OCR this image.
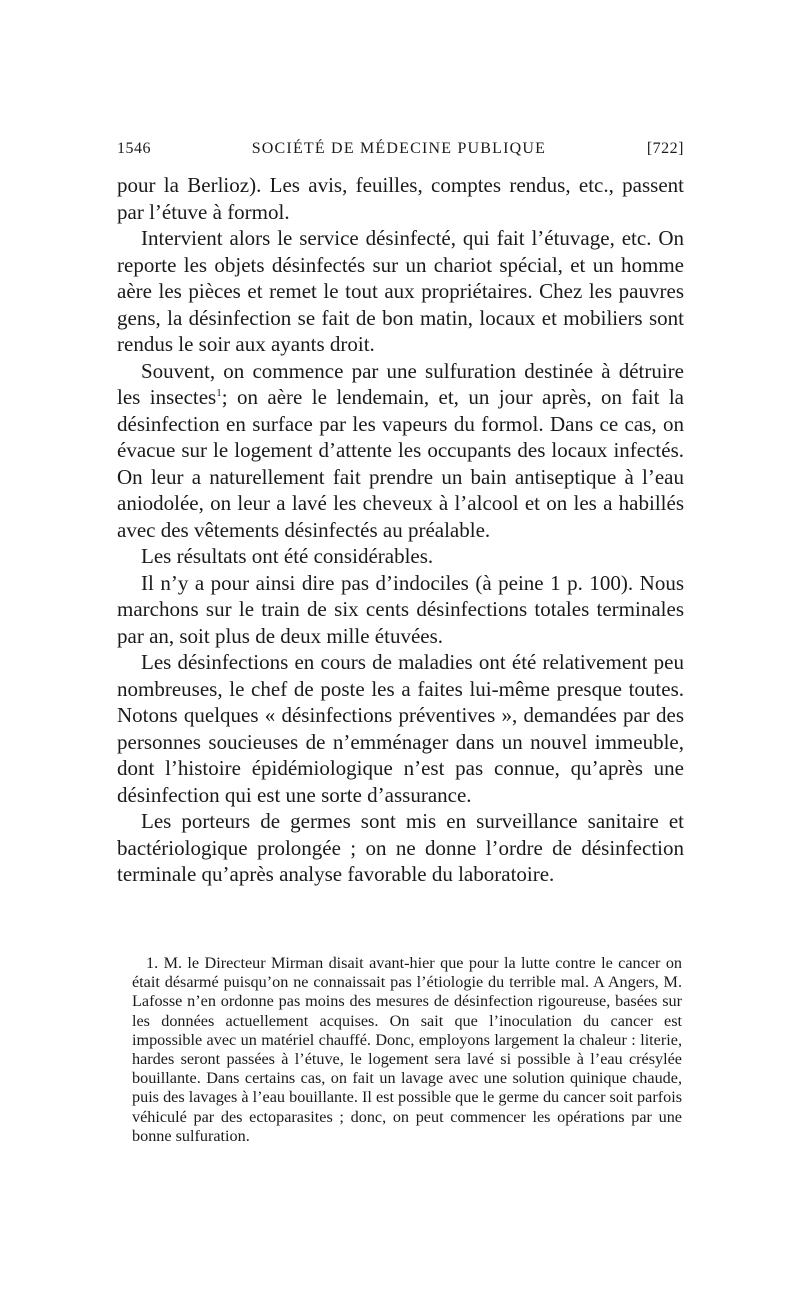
1546	SOCIÉTÉ DE MÉDECINE PUBLIQUE	[722]

pour la Berlioz). Les avis, feuilles, comptes rendus, etc., passent par l’étuve à formol.

Intervient alors le service désinfecté, qui fait l’étuvage, etc. On reporte les objets désinfectés sur un chariot spécial, et un homme aère les pièces et remet le tout aux propriétaires. Chez les pauvres gens, la désinfection se fait de bon matin, locaux et mobiliers sont rendus le soir aux ayants droit.

Souvent, on commence par une sulfuration destinée à détruire les insectes$^1$; on aère le lendemain, et, un jour après, on fait la désinfection en surface par les vapeurs du formol. Dans ce cas, on évacue sur le logement d’attente les occupants des locaux infectés. On leur a naturellement fait prendre un bain antiseptique à l’eau aniodolée, on leur a lavé les cheveux à l’alcool et on les a habillés avec des vêtements désinfectés au préalable.

Les résultats ont été considérables.

Il n’y a pour ainsi dire pas d’indociles (à peine 1 p. 100). Nous marchons sur le train de six cents désinfections totales terminales par an, soit plus de deux mille étuvées.

Les désinfections en cours de maladies ont été relativement peu nombreuses, le chef de poste les a faites lui-même presque toutes. Notons quelques « désinfections préventives », demandées par des personnes soucieuses de n’emménager dans un nouvel immeuble, dont l’histoire épidémiologique n’est pas connue, qu’après une désinfection qui est une sorte d’assurance.

Les porteurs de germes sont mis en surveillance sanitaire et bactériologique prolongée ; on ne donne l’ordre de désinfection terminale qu’après analyse favorable du laboratoire.

1. M. le Directeur Mirman disait avant-hier que pour la lutte contre le cancer on était désarmé puisqu’on ne connaissait pas l’étiologie du terrible mal. A Angers, M. Lafosse n’en ordonne pas moins des mesures de désinfection rigoureuse, basées sur les données actuellement acquises. On sait que l’inoculation du cancer est impossible avec un matériel chauffé. Donc, employons largement la chaleur : literie, hardes seront passées à l’étuve, le logement sera lavé si possible à l’eau crésylée bouillante. Dans certains cas, on fait un lavage avec une solution quinique chaude, puis des lavages à l’eau bouillante. Il est possible que le germe du cancer soit parfois véhiculé par des ectoparasites ; donc, on peut commencer les opérations par une bonne sulfuration.
